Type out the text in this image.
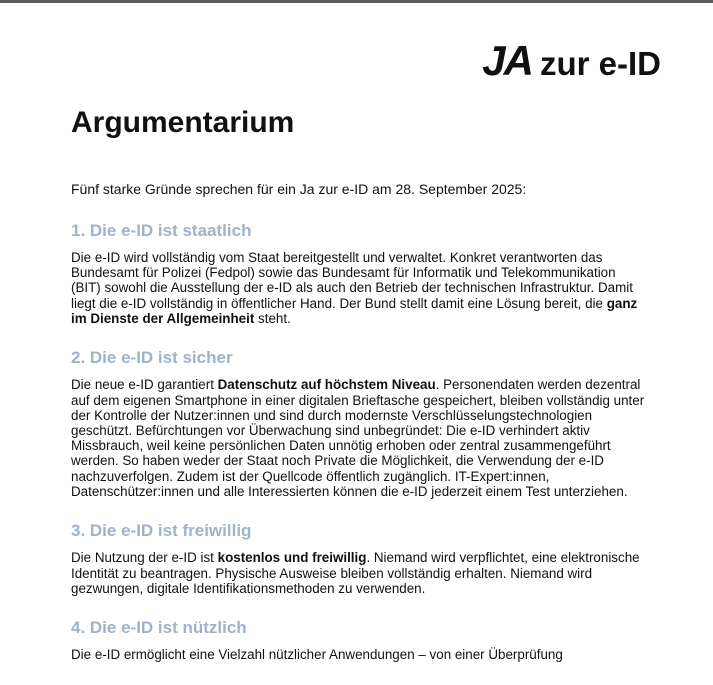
JA zur e-ID
Argumentarium

Fünf starke Gründe sprechen für ein Ja zur e-ID am 28. September 2025:

1. Die e-ID ist staatlich

Die e-ID wird vollständig vom Staat bereitgestellt und verwaltet. Konkret verantworten das Bundesamt für Polizei (Fedpol) sowie das Bundesamt für Informatik und Telekommunikation (BIT) sowohl die Ausstellung der e-ID als auch den Betrieb der technischen Infrastruktur. Damit liegt die e-ID vollständig in öffentlicher Hand. Der Bund stellt damit eine Lösung bereit, die ganz im Dienste der Allgemeinheit steht.

2. Die e-ID ist sicher

Die neue e-ID garantiert Datenschutz auf höchstem Niveau. Personendaten werden dezentral auf dem eigenen Smartphone in einer digitalen Brieftasche gespeichert, bleiben vollständig unter der Kontrolle der Nutzer:innen und sind durch modernste Verschlüsselungstechnologien geschützt. Befürchtungen vor Überwachung sind unbegründet: Die e-ID verhindert aktiv Missbrauch, weil keine persönlichen Daten unnötig erhoben oder zentral zusammengeführt werden. So haben weder der Staat noch Private die Möglichkeit, die Verwendung der e-ID nachzuverfolgen. Zudem ist der Quellcode öffentlich zugänglich. IT-Expert:innen, Datenschützer:innen und alle Interessierten können die e-ID jederzeit einem Test unterziehen.

3. Die e-ID ist freiwillig

Die Nutzung der e-ID ist kostenlos und freiwillig. Niemand wird verpflichtet, eine elektronische Identität zu beantragen. Physische Ausweise bleiben vollständig erhalten. Niemand wird gezwungen, digitale Identifikationsmethoden zu verwenden.

4. Die e-ID ist nützlich

Die e-ID ermöglicht eine Vielzahl nützlicher Anwendungen – von einer Überprüfung
